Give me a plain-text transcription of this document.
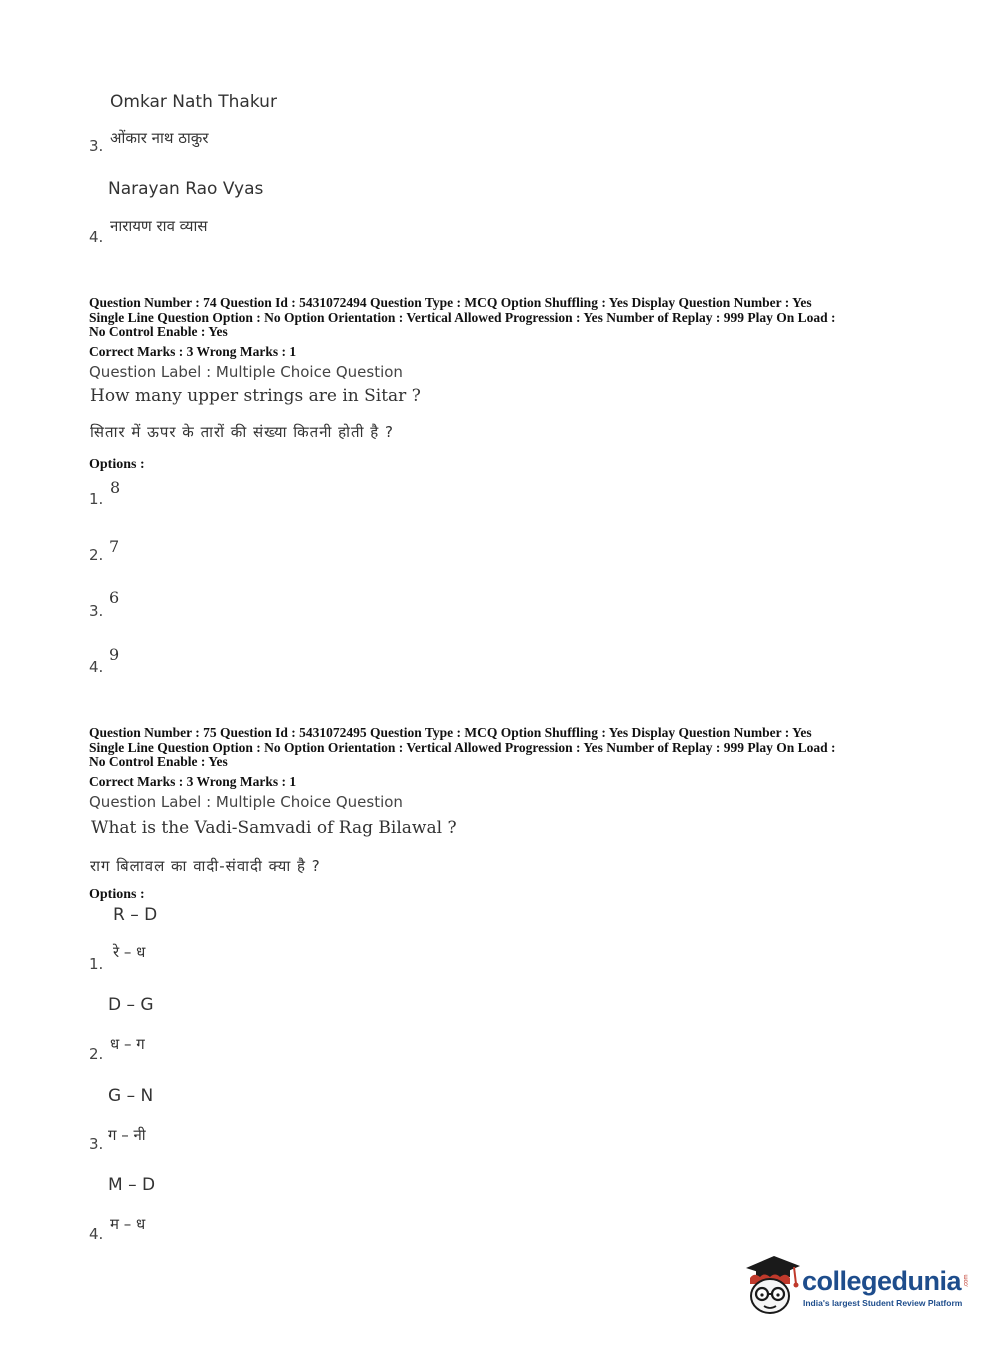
Omkar Nath Thakur
3. ओंकार नाथ ठाकुर
Narayan Rao Vyas
4.
नारायण राव व्यास
Question Number : 74 Question Id : 5431072494 Question Type : MCQ Option Shuffling : Yes Display Question Number : Yes
Single Line Question Option : No Option Orientation : Vertical Allowed Progression : Yes Number of Replay : 999 Play On Load :
No Control Enable : Yes
Correct Marks : 3 Wrong Marks : 1
Question Label : Multiple Choice Question
How many upper strings are in Sitar ?
सितार में ऊपर के तारों की संख्या कितनी होती है ?
Options :
1.
8
2. 7
3.
6
4.
9
Question Number : 75 Question Id : 5431072495 Question Type : MCQ Option Shuffling : Yes Display Question Number : Yes
Single Line Question Option : No Option Orientation : Vertical Allowed Progression : Yes Number of Replay : 999 Play On Load :
No Control Enable : Yes
Correct Marks : 3 Wrong Marks : 1
Question Label : Multiple Choice Question
What is the Vadi-Samvadi of Rag Bilawal ?
राग बिलावल का वादी-संवादी क्या है ?
Options :
R – D
1.
रे – ध
D – G
2.
ध – ग
G – N
3. ग – नी
M – D
4.
म – ध
collegedunia .com
India's largest Student Review Platform
